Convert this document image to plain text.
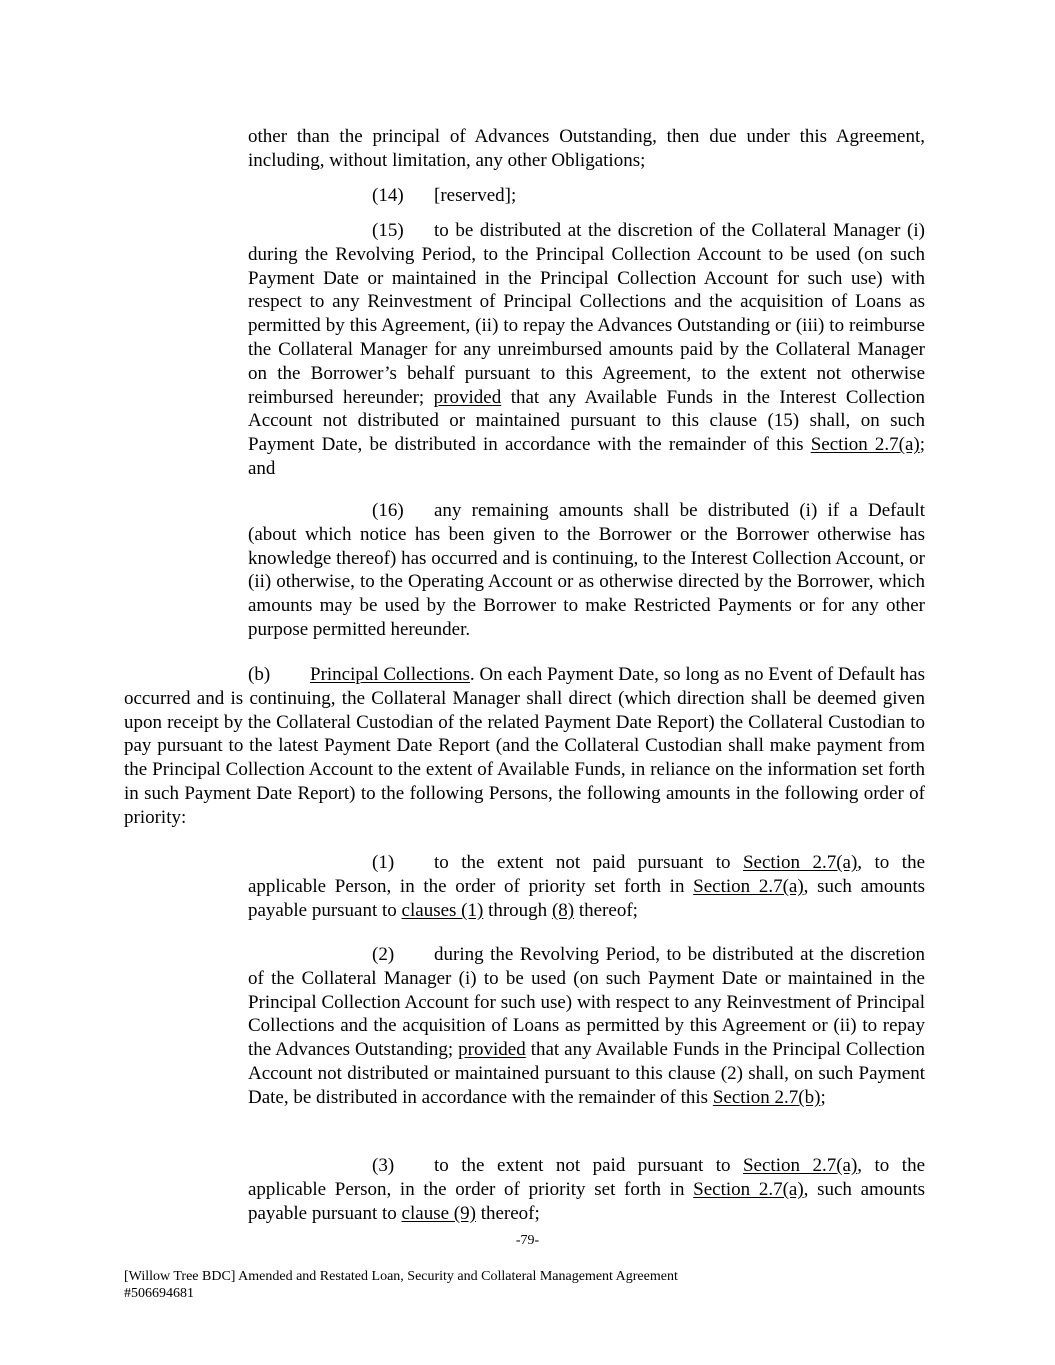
other than the principal of Advances Outstanding, then due under this Agreement,
including, without limitation, any other Obligations;
(14) [reserved];
(15) to be distributed at the discretion of the Collateral Manager (i) during the Revolving Period, to the Principal Collection Account to be used (on such Payment Date or maintained in the Principal Collection Account for such use) with respect to any Reinvestment of Principal Collections and the acquisition of Loans as permitted by this Agreement, (ii) to repay the Advances Outstanding or (iii) to reimburse the Collateral Manager for any unreimbursed amounts paid by the Collateral Manager on the Borrower’s behalf pursuant to this Agreement, to the extent not otherwise reimbursed hereunder; provided that any Available Funds in the Interest Collection Account not distributed or maintained pursuant to this clause (15) shall, on such Payment Date, be distributed in accordance with the remainder of this Section 2.7(a); and
(16) any remaining amounts shall be distributed (i) if a Default (about which notice has been given to the Borrower or the Borrower otherwise has knowledge thereof) has occurred and is continuing, to the Interest Collection Account, or (ii) otherwise, to the Operating Account or as otherwise directed by the Borrower, which amounts may be used by the Borrower to make Restricted Payments or for any other purpose permitted hereunder.
(b) Principal Collections. On each Payment Date, so long as no Event of Default has occurred and is continuing, the Collateral Manager shall direct (which direction shall be deemed given upon receipt by the Collateral Custodian of the related Payment Date Report) the Collateral Custodian to pay pursuant to the latest Payment Date Report (and the Collateral Custodian shall make payment from the Principal Collection Account to the extent of Available Funds, in reliance on the information set forth in such Payment Date Report) to the following Persons, the following amounts in the following order of priority:
(1) to the extent not paid pursuant to Section 2.7(a), to the applicable Person, in the order of priority set forth in Section 2.7(a), such amounts payable pursuant to clauses (1) through (8) thereof;
(2) during the Revolving Period, to be distributed at the discretion of the Collateral Manager (i) to be used (on such Payment Date or maintained in the Principal Collection Account for such use) with respect to any Reinvestment of Principal Collections and the acquisition of Loans as permitted by this Agreement or (ii) to repay the Advances Outstanding; provided that any Available Funds in the Principal Collection Account not distributed or maintained pursuant to this clause (2) shall, on such Payment Date, be distributed in accordance with the remainder of this Section 2.7(b);
(3) to the extent not paid pursuant to Section 2.7(a), to the applicable Person, in the order of priority set forth in Section 2.7(a), such amounts payable pursuant to clause (9) thereof;
-79-
[Willow Tree BDC] Amended and Restated Loan, Security and Collateral Management Agreement
#506694681
